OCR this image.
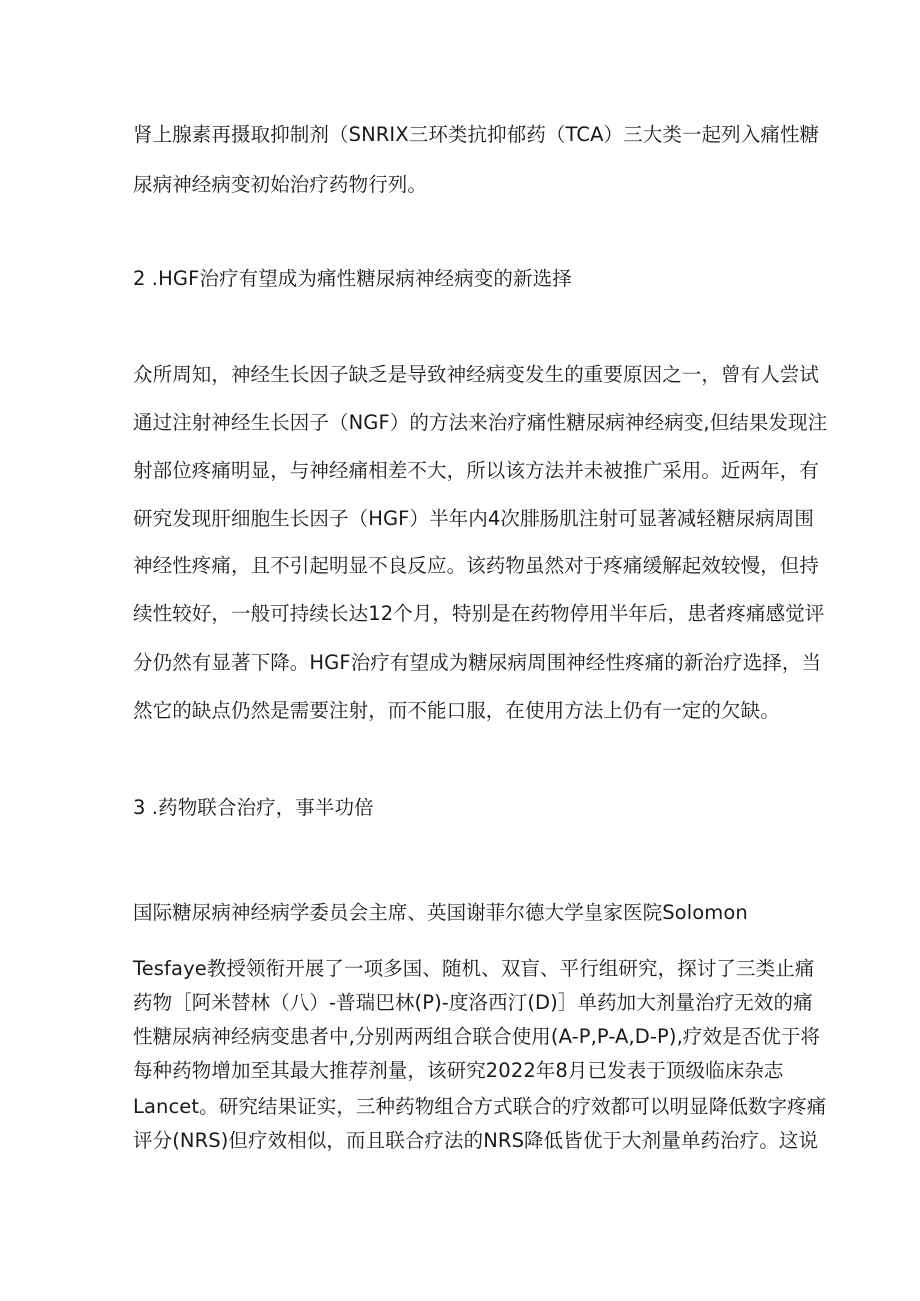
肾上腺素再摄取抑制剂（SNRIX三环类抗抑郁药（TCA）三大类一起列入痛性糖
尿病神经病变初始治疗药物行列。
2 .HGF治疗有望成为痛性糖尿病神经病变的新选择
众所周知，神经生长因子缺乏是导致神经病变发生的重要原因之一，曾有人尝试
通过注射神经生长因子（NGF）的方法来治疗痛性糖尿病神经病变,但结果发现注
射部位疼痛明显，与神经痛相差不大，所以该方法并未被推广采用。近两年，有
研究发现肝细胞生长因子（HGF）半年内4次腓肠肌注射可显著减轻糖尿病周围
神经性疼痛，且不引起明显不良反应。该药物虽然对于疼痛缓解起效较慢，但持
续性较好，一般可持续长达12个月，特别是在药物停用半年后，患者疼痛感觉评
分仍然有显著下降。HGF治疗有望成为糖尿病周围神经性疼痛的新治疗选择，当
然它的缺点仍然是需要注射，而不能口服，在使用方法上仍有一定的欠缺。
3 .药物联合治疗，事半功倍
国际糖尿病神经病学委员会主席、英国谢菲尔德大学皇家医院Solomon
Tesfaye教授领衔开展了一项多国、随机、双盲、平行组研究，探讨了三类止痛
药物［阿米替林（八）-普瑞巴林(P)-度洛西汀(D)］单药加大剂量治疗无效的痛
性糖尿病神经病变患者中,分别两两组合联合使用(A-P,P-A,D-P),疗效是否优于将
每种药物增加至其最大推荐剂量，该研究2022年8月已发表于顶级临床杂志
Lancet。研究结果证实，三种药物组合方式联合的疗效都可以明显降低数字疼痛
评分(NRS)但疗效相似，而且联合疗法的NRS降低皆优于大剂量单药治疗。这说
